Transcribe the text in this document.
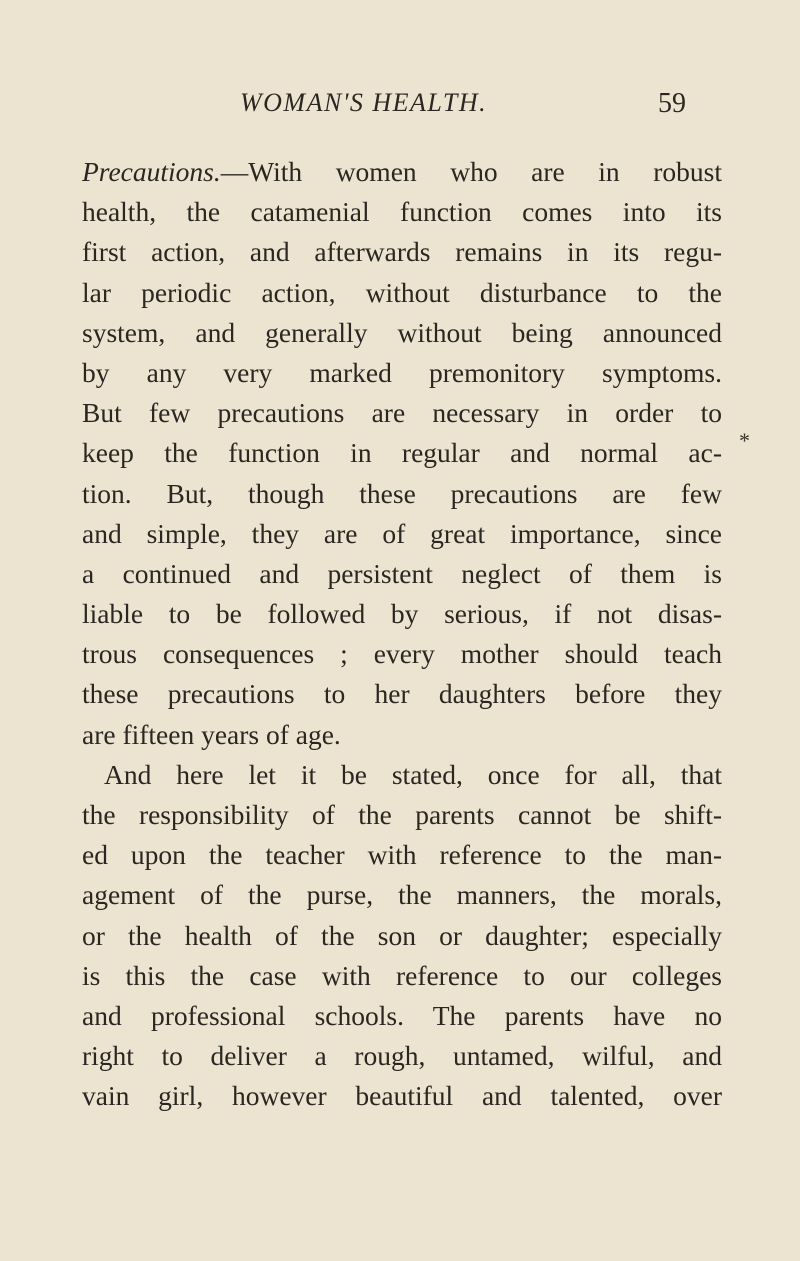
WOMAN'S HEALTH.	59
Precautions.—With women who are in robust
health, the catamenial function comes into its
first action, and afterwards remains in its regu-
lar periodic action, without disturbance to the
system, and generally without being announced
by any very marked premonitory symptoms.
But few precautions are necessary in order to
keep the function in regular and normal ac-
tion. But, though these precautions are few
and simple, they are of great importance, since
a continued and persistent neglect of them is
liable to be followed by serious, if not disas-
trous consequences ; every mother should teach
these precautions to her daughters before they
are fifteen years of age.
And here let it be stated, once for all, that
the responsibility of the parents cannot be shift-
ed upon the teacher with reference to the man-
agement of the purse, the manners, the morals,
or the health of the son or daughter; especially
is this the case with reference to our colleges
and professional schools. The parents have no
right to deliver a rough, untamed, wilful, and
vain girl, however beautiful and talented, over
*
